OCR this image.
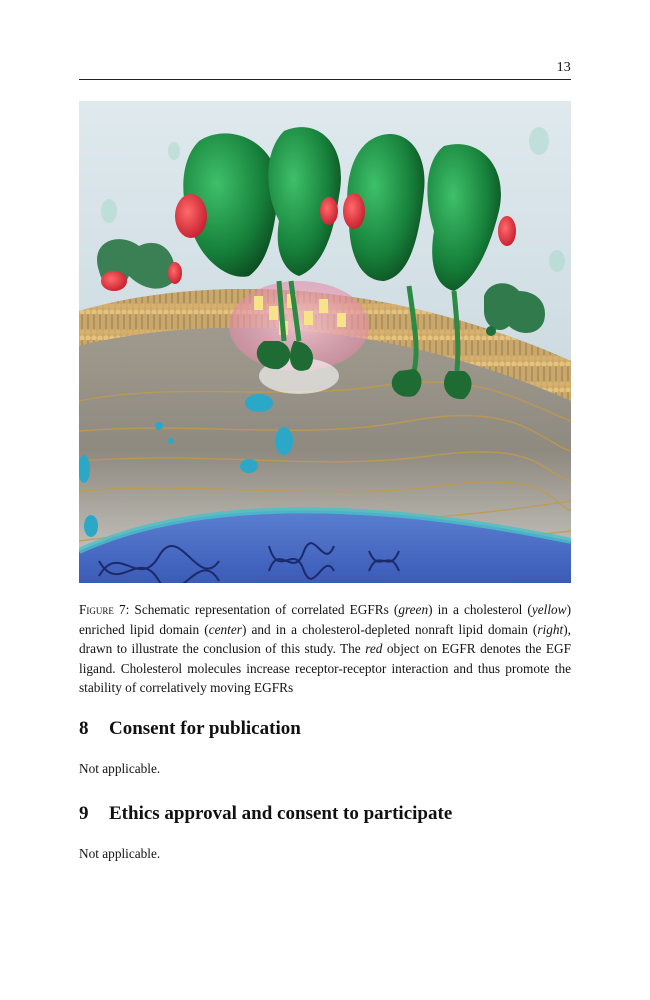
13
Figure 7: Schematic representation of correlated EGFRs (green) in a cholesterol (yellow) enriched lipid domain (center) and in a cholesterol-depleted nonraft lipid domain (right), drawn to illustrate the conclusion of this study. The red object on EGFR denotes the EGF ligand. Cholesterol molecules increase receptor-receptor interaction and thus promote the stability of correlatively moving EGFRs
8 Consent for publication

Not applicable.

9 Ethics approval and consent to participate

Not applicable.
